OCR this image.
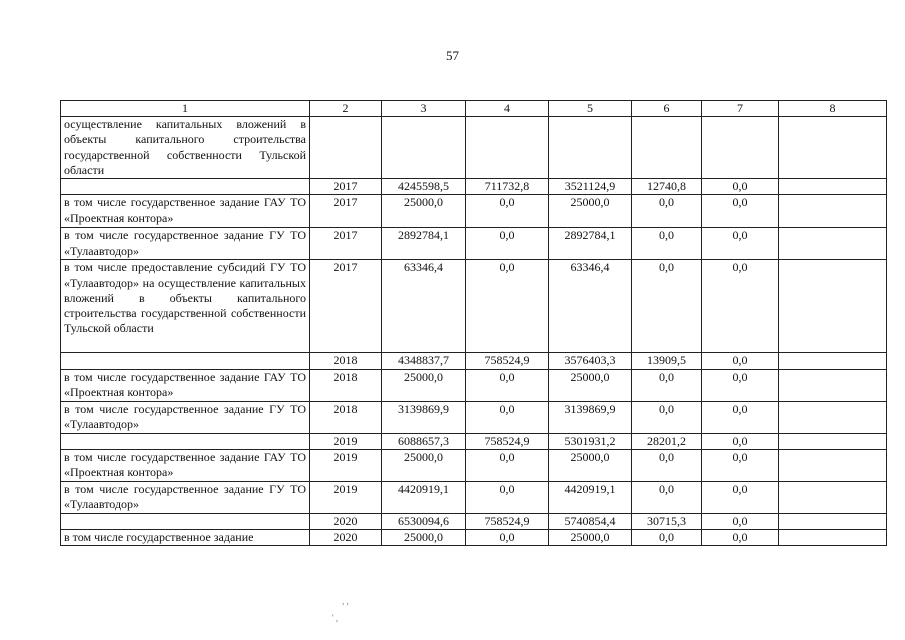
57
1	2	3	4	5	6	7	8
осуществление капитальных вложений в объекты капитального строительства государственной собственности Тульской области							
	2017	4245598,5	711732,8	3521124,9	12740,8	0,0	
в том числе государственное задание ГАУ ТО «Проектная контора»	2017	25000,0	0,0	25000,0	0,0	0,0	
в том числе государственное задание ГУ ТО «Тулаавтодор»	2017	2892784,1	0,0	2892784,1	0,0	0,0	
в том числе предоставление субсидий ГУ ТО «Тулаавтодор» на осуществление капитальных вложений в объекты капитального строительства государственной собственности Тульской области	2017	63346,4	0,0	63346,4	0,0	0,0	
	2018	4348837,7	758524,9	3576403,3	13909,5	0,0	
в том числе государственное задание ГАУ ТО «Проектная контора»	2018	25000,0	0,0	25000,0	0,0	0,0	
в том числе государственное задание ГУ ТО «Тулаавтодор»	2018	3139869,9	0,0	3139869,9	0,0	0,0	
	2019	6088657,3	758524,9	5301931,2	28201,2	0,0	
в том числе государственное задание ГАУ ТО «Проектная контора»	2019	25000,0	0,0	25000,0	0,0	0,0	
в том числе государственное задание ГУ ТО «Тулаавтодор»	2019	4420919,1	0,0	4420919,1	0,0	0,0	
	2020	6530094,6	758524,9	5740854,4	30715,3	0,0	
в том числе государственное задание	2020	25000,0	0,0	25000,0	0,0	0,0	
, ,
' ,
